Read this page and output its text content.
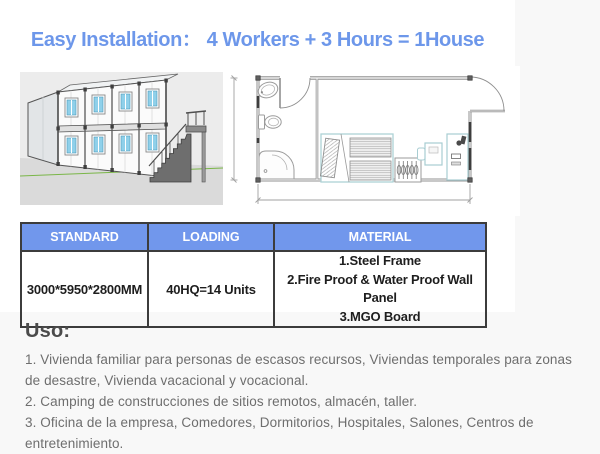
Easy Installation： 4 Workers + 3 Hours = 1House
STANDARD	LOADING	MATERIAL
3000*5950*2800MM	40HQ=14 Units	1.Steel Frame
2.Fire Proof & Water Proof Wall Panel
3.MGO Board
Uso:
1. Vivienda familiar para personas de escasos recursos, Viviendas temporales para zonas de desastre, Vivienda vacacional y vocacional.
2. Camping de construcciones de sitios remotos, almacén, taller.
3. Oficina de la empresa, Comedores, Dormitorios, Hospitales, Salones, Centros de entretenimiento.
